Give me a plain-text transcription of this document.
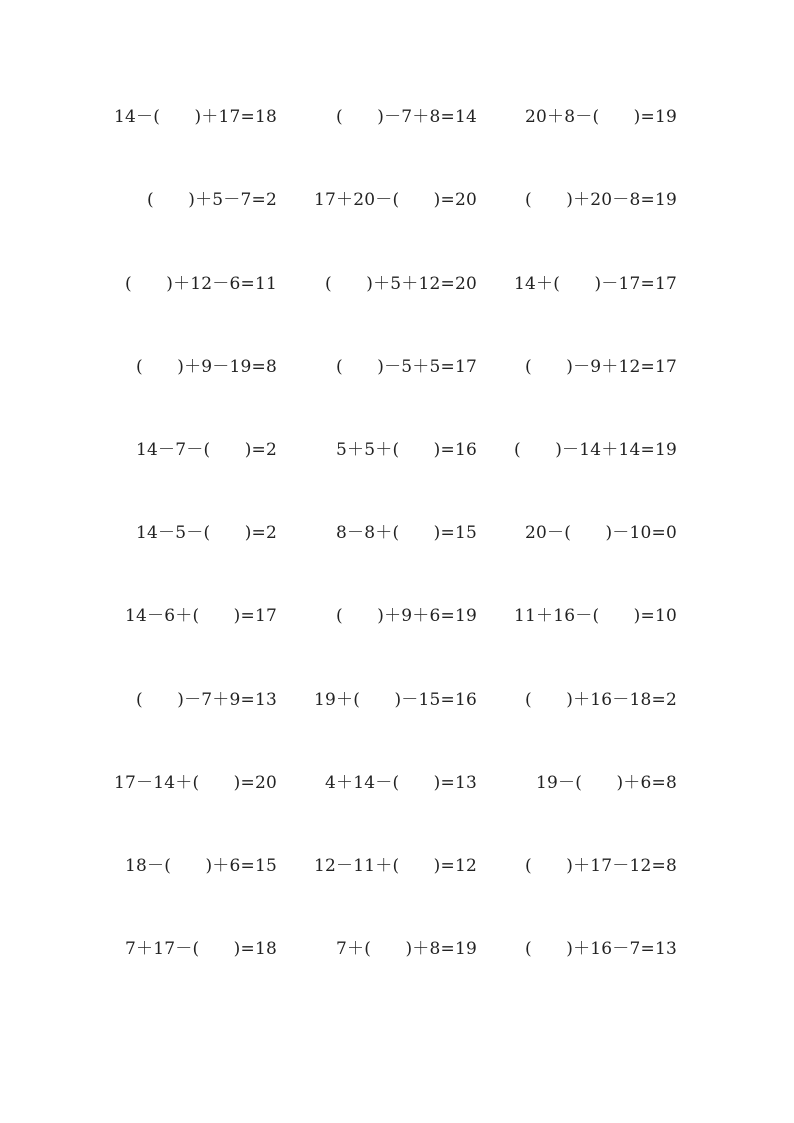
14－(　　)＋17=18	(　　)－7＋8=14	20＋8－(　　)=19
(　　)＋5－7=2	17＋20－(　　)=20	(　　)＋20－8=19
(　　)＋12－6=11	(　　)＋5＋12=20	14＋(　　)－17=17
(　　)＋9－19=8	(　　)－5＋5=17	(　　)－9＋12=17
14－7－(　　)=2	5＋5＋(　　)=16	(　　)－14＋14=19
14－5－(　　)=2	8－8＋(　　)=15	20－(　　)－10=0
14－6＋(　　)=17	(　　)＋9＋6=19	11＋16－(　　)=10
(　　)－7＋9=13	19＋(　　)－15=16	(　　)＋16－18=2
17－14＋(　　)=20	4＋14－(　　)=13	19－(　　)＋6=8
18－(　　)＋6=15	12－11＋(　　)=12	(　　)＋17－12=8
7＋17－(　　)=18	7＋(　　)＋8=19	(　　)＋16－7=13
